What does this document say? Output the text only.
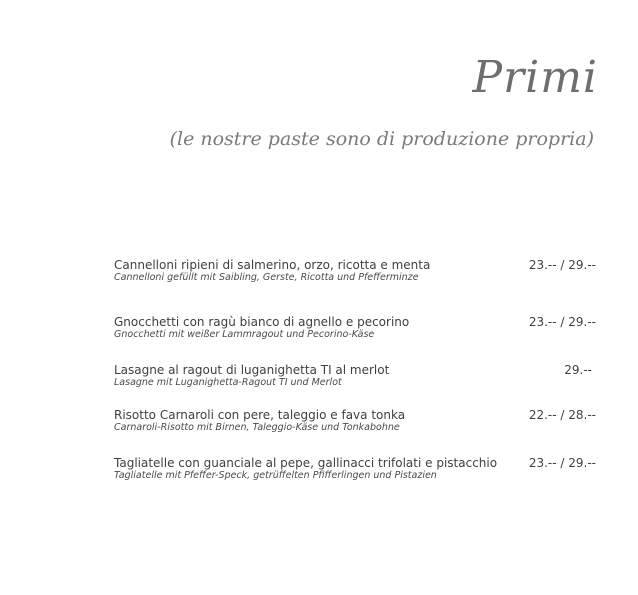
Primi
(le nostre paste sono di produzione propria)
Cannelloni ripieni di salmerino, orzo, ricotta e menta
Cannelloni gefüllt mit Saibling, Gerste, Ricotta und Pfefferminze
23.-- / 29.--
Gnocchetti con ragù bianco di agnello e pecorino
Gnocchetti mit weißer Lammragout und Pecorino-Käse
23.-- / 29.--
Lasagne al ragout di luganighetta TI al merlot
Lasagne mit Luganighetta-Ragout TI und Merlot
29.--
Risotto Carnaroli con pere, taleggio e fava tonka
Carnaroli-Risotto mit Birnen, Taleggio-Käse und Tonkabohne
22.-- / 28.--
Tagliatelle con guanciale al pepe, gallinacci trifolati e pistacchio
Tagliatelle mit Pfeffer-Speck, getrüffelten Pfifferlingen und Pistazien
23.-- / 29.--
